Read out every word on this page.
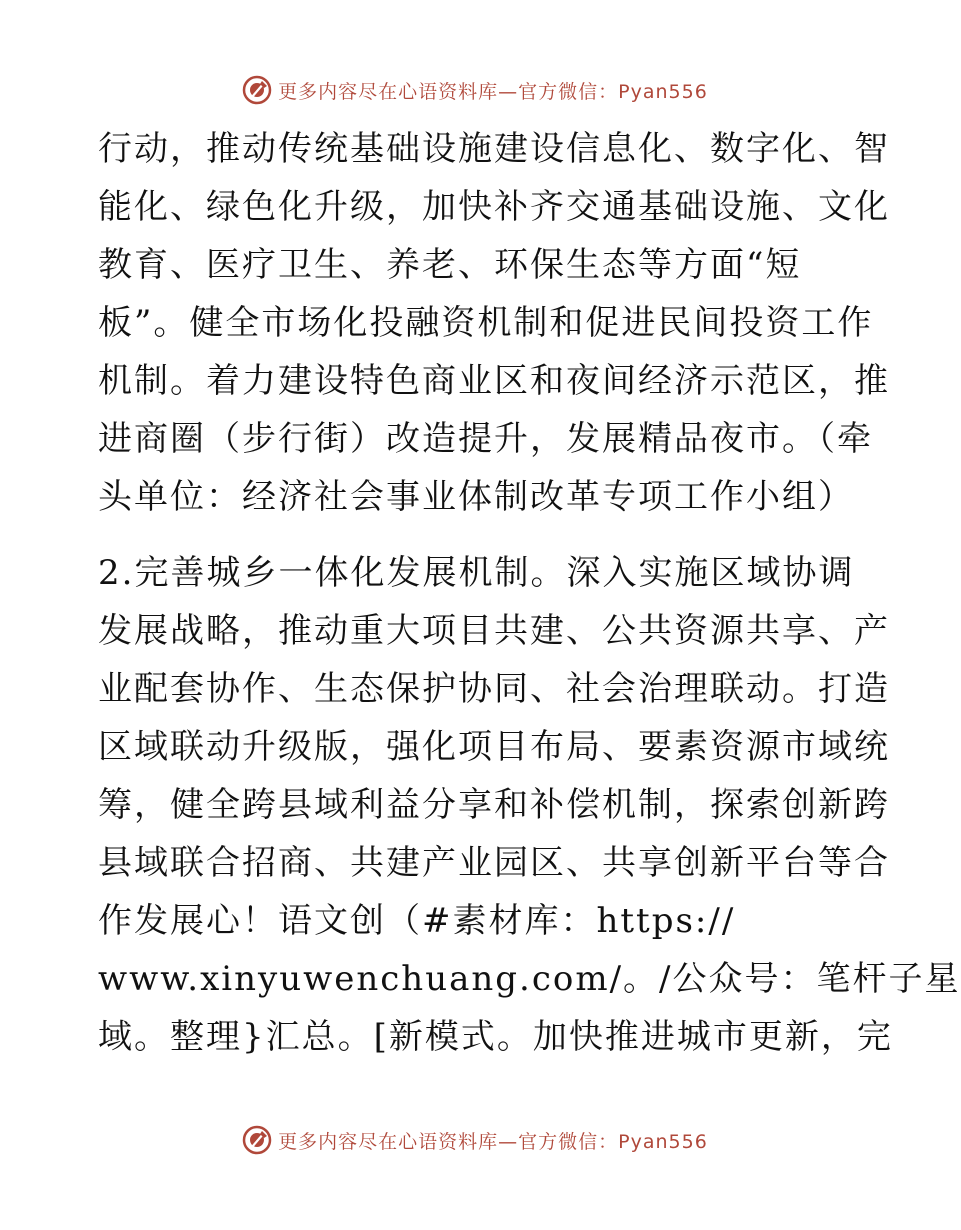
更多内容尽在心语资料库—官方微信：Pyan556
行动，推动传统基础设施建设信息化、数字化、智
能化、绿色化升级，加快补齐交通基础设施、文化
教育、医疗卫生、养老、环保生态等方面“短
板”。健全市场化投融资机制和促进民间投资工作
机制。着力建设特色商业区和夜间经济示范区，推
进商圈（步行街）改造提升，发展精品夜市。（牵
头单位：经济社会事业体制改革专项工作小组）
2.完善城乡一体化发展机制。深入实施区域协调
发展战略，推动重大项目共建、公共资源共享、产
业配套协作、生态保护协同、社会治理联动。打造
区域联动升级版，强化项目布局、要素资源市域统
筹，健全跨县域利益分享和补偿机制，探索创新跨
县域联合招商、共建产业园区、共享创新平台等合
作发展心！语文创（#素材库：https://
www.xinyuwenchuang.com/。/公众号：笔杆子星
域。整理}汇总。[新模式。加快推进城市更新，完
更多内容尽在心语资料库—官方微信：Pyan556
